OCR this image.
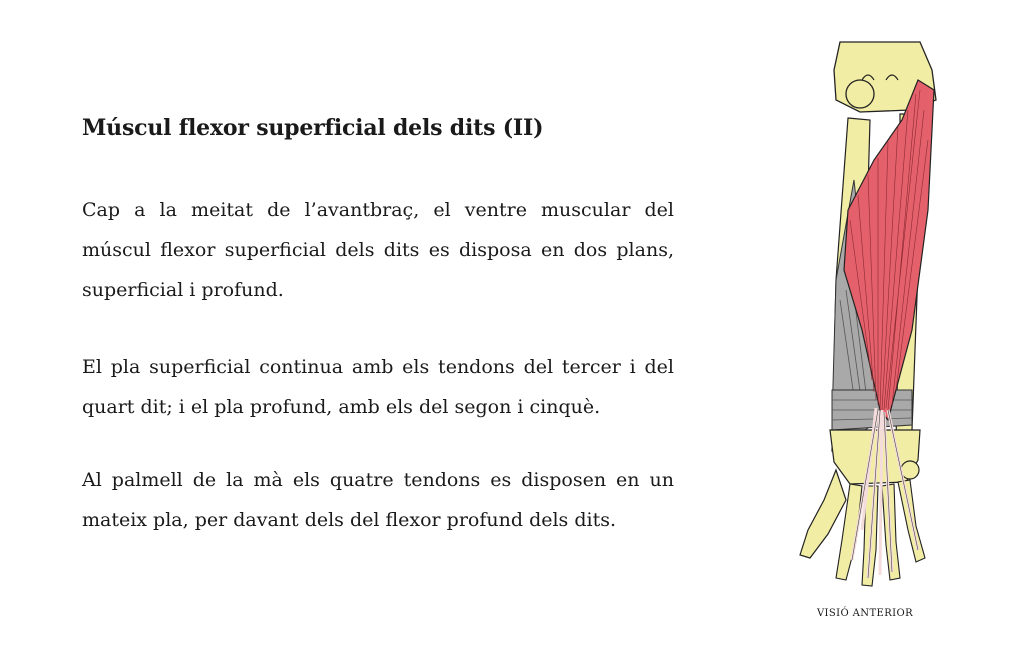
Múscul flexor superficial dels dits (II)

Cap a la meitat de l’avantbraç, el ventre muscular del múscul flexor superficial dels dits es disposa en dos plans, superficial i profund.

El pla superficial continua amb els tendons del tercer i del quart dit; i el pla profund, amb els del segon i cinquè.

Al palmell de la mà els quatre tendons es disposen en un mateix pla, per davant dels del flexor profund dels dits.

VISIÓ ANTERIOR
